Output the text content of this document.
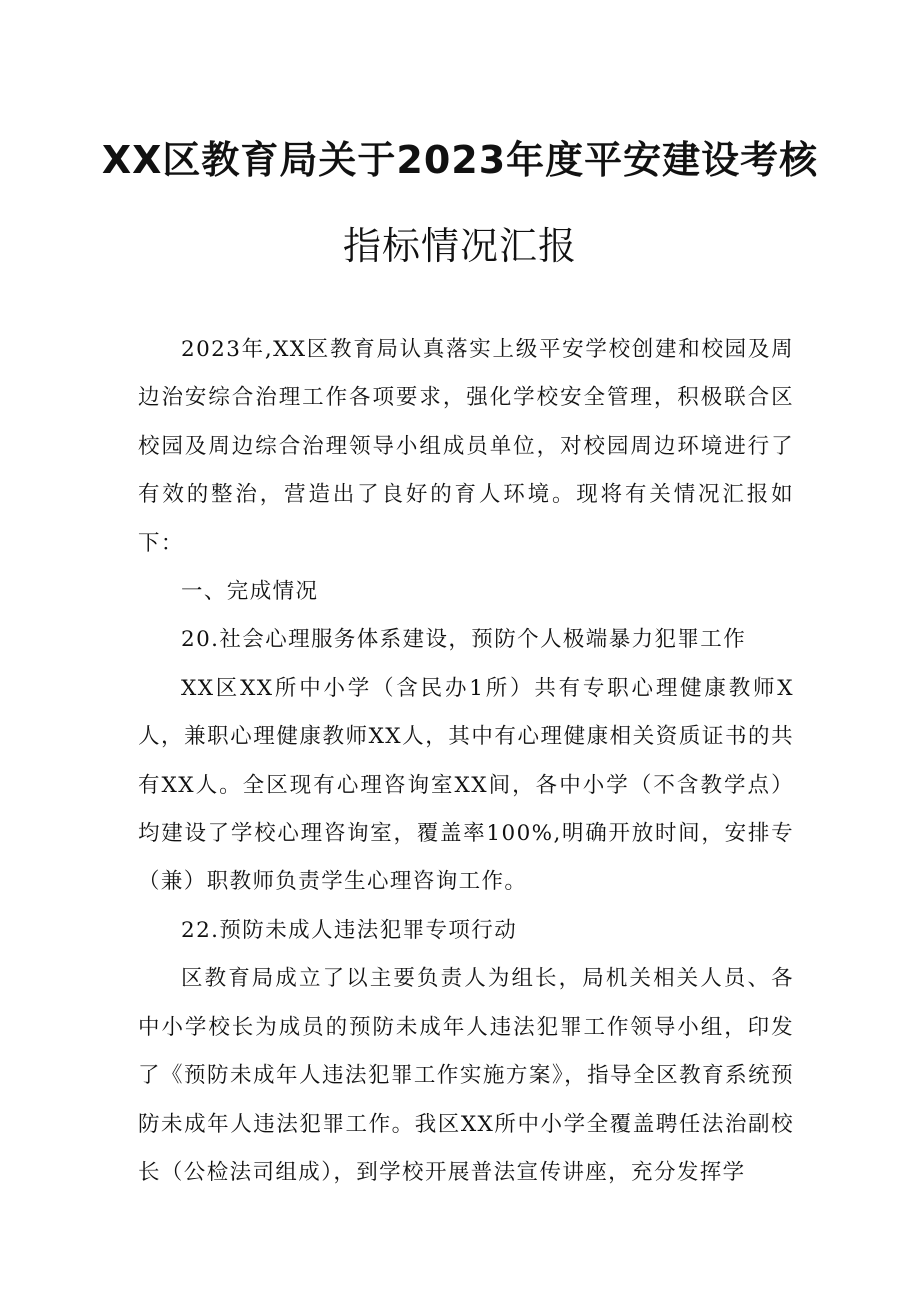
XX区教育局关于2023年度平安建设考核
指标情况汇报

2023年,XX区教育局认真落实上级平安学校创建和校园及周边治安综合治理工作各项要求，强化学校安全管理，积极联合区校园及周边综合治理领导小组成员单位，对校园周边环境进行了有效的整治，营造出了良好的育人环境。现将有关情况汇报如下：

一、完成情况

20.社会心理服务体系建设，预防个人极端暴力犯罪工作

XX区XX所中小学（含民办1所）共有专职心理健康教师X人，兼职心理健康教师XX人，其中有心理健康相关资质证书的共有XX人。全区现有心理咨询室XX间，各中小学（不含教学点）均建设了学校心理咨询室，覆盖率100%,明确开放时间，安排专（兼）职教师负责学生心理咨询工作。

22.预防未成人违法犯罪专项行动

区教育局成立了以主要负责人为组长，局机关相关人员、各中小学校长为成员的预防未成年人违法犯罪工作领导小组，印发了《预防未成年人违法犯罪工作实施方案》，指导全区教育系统预防未成年人违法犯罪工作。我区XX所中小学全覆盖聘任法治副校长（公检法司组成），到学校开展普法宣传讲座，充分发挥学
